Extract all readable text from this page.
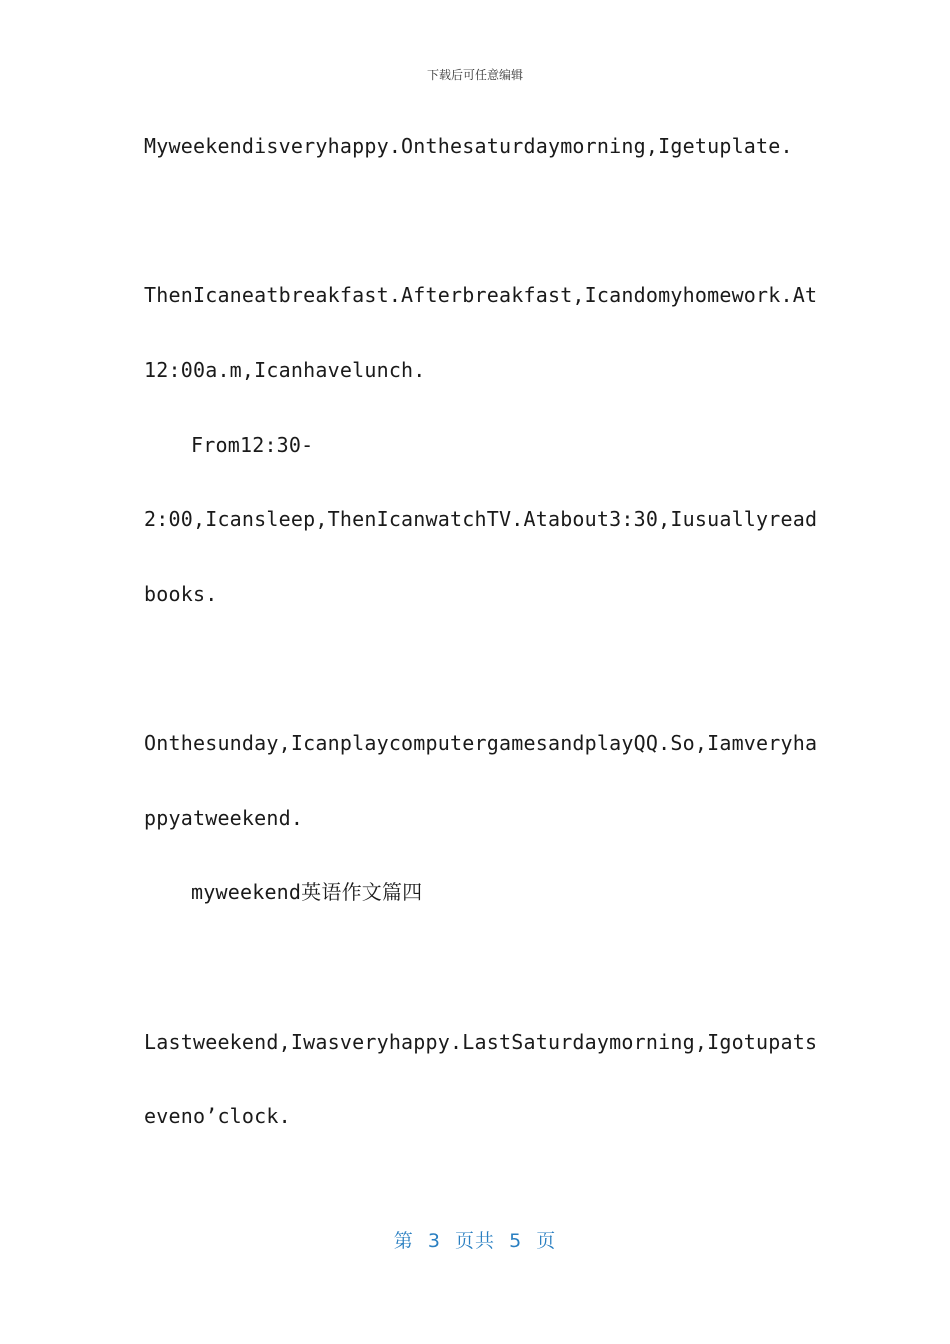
下载后可任意编辑
Myweekendisveryhappy.Onthesaturdaymorning,Igetuplate.
ThenIcaneatbreakfast.Afterbreakfast,Icandomyhomework.At
12:00a.m,Icanhavelunch.
From12:30-
2:00,Icansleep,ThenIcanwatchTV.Atabout3:30,Iusuallyread
books.
Onthesunday,IcanplaycomputergamesandplayQQ.So,Iamveryha
ppyatweekend.
myweekend英语作文篇四
Lastweekend,Iwasveryhappy.LastSaturdaymorning,Igotupats
eveno’clock.
第  3  页共  5  页
